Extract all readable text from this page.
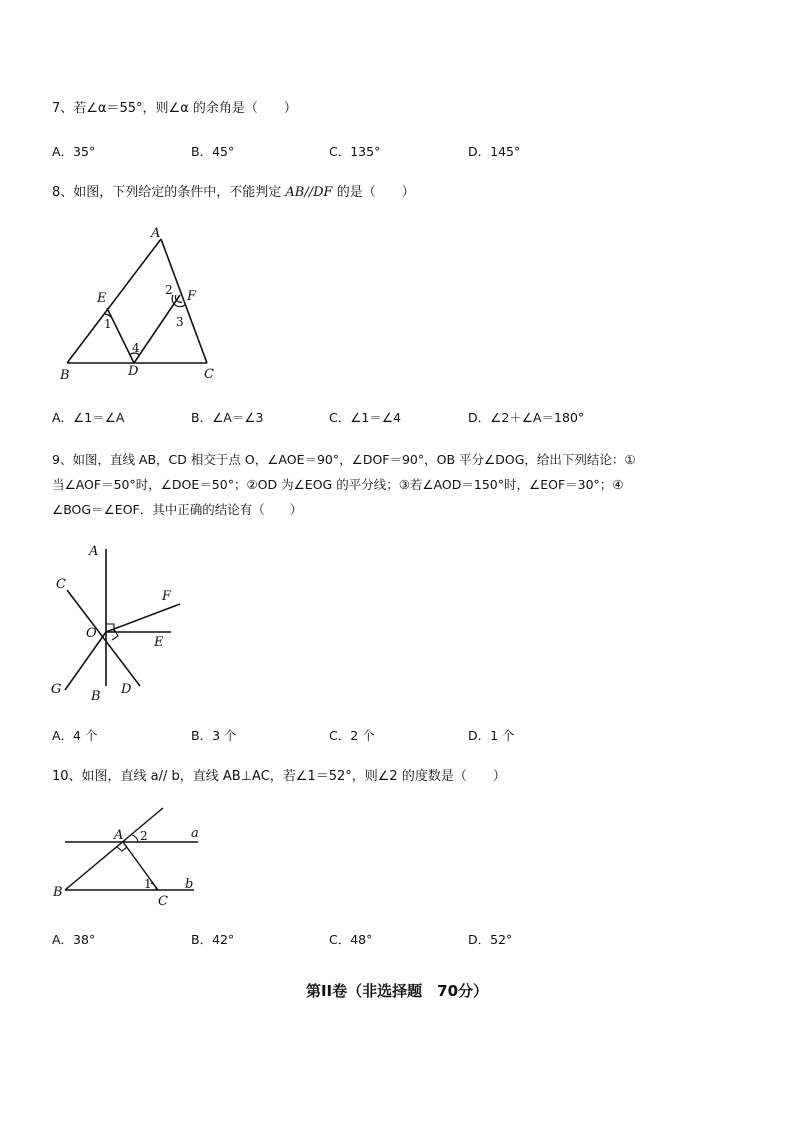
7、若∠α＝55°，则∠α 的余角是（　　）
A．35°	B．45°	C．135°	D．145°
8、如图，下列给定的条件中，不能判定 AB//DF 的是（　　）
A
B	C
D
E	F
1
2
3
4
A．∠1＝∠A	B．∠A＝∠3	C．∠1＝∠4	D．∠2＋∠A＝180°
9、如图，直线 AB，CD 相交于点 O，∠AOE＝90°，∠DOF＝90°，OB 平分∠DOG，给出下列结论：①
当∠AOF＝50°时，∠DOE＝50°；②OD 为∠EOG 的平分线；③若∠AOD＝150°时，∠EOF＝30°；④
∠BOG＝∠EOF．其中正确的结论有（　　）
A
C
F
O
E
G	D
B
A．4 个	B．3 个	C．2 个	D．1 个
10、如图，直线 a// b，直线 AB⊥AC，若∠1＝52°，则∠2 的度数是（　　）
A 2	a
1	b
B
C
A．38°	B．42°	C．48°	D．52°
第II卷（非选择题　70分）
